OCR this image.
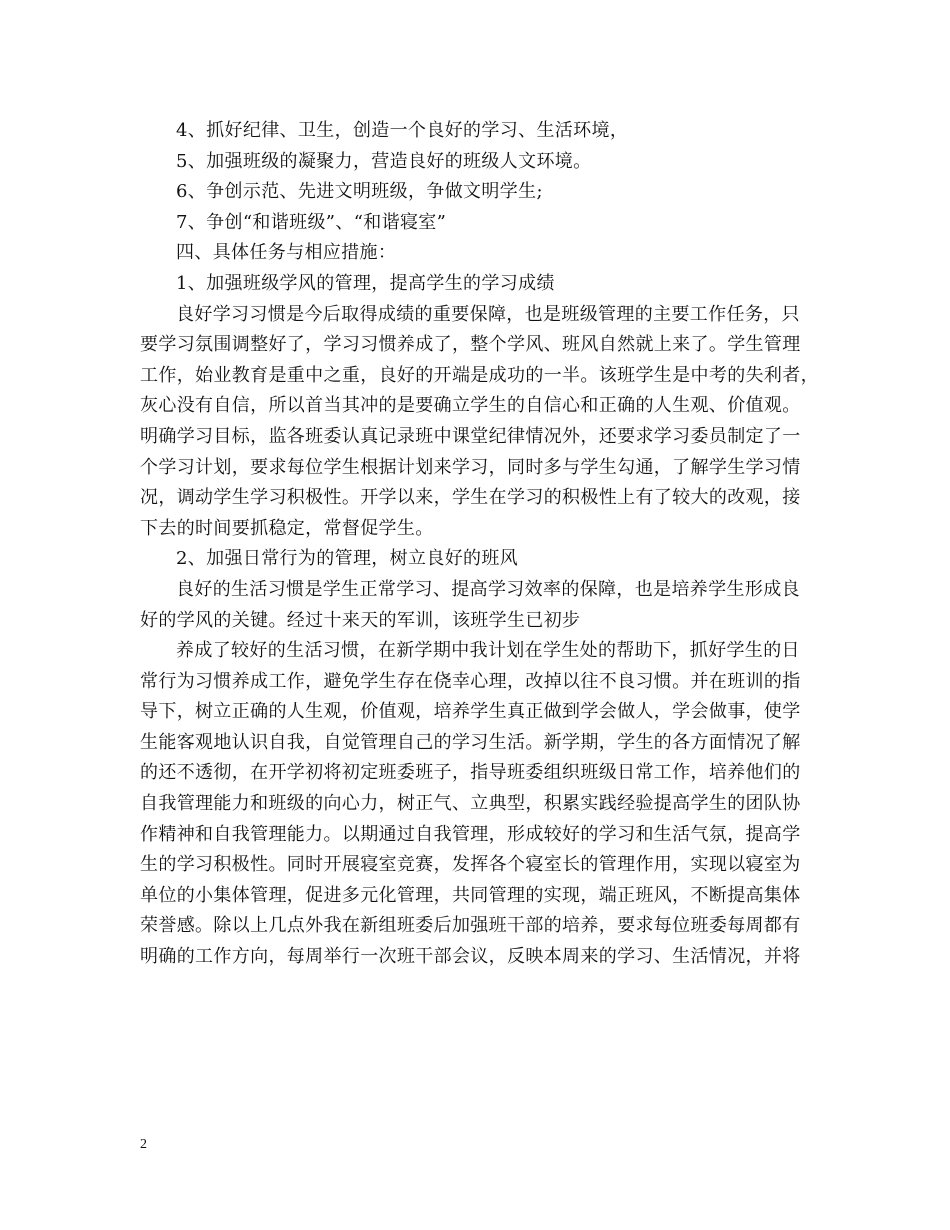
4、抓好纪律、卫生，创造一个良好的学习、生活环境，

5、加强班级的凝聚力，营造良好的班级人文环境。

6、争创示范、先进文明班级，争做文明学生;

7、争创“和谐班级”、“和谐寝室”

四、具体任务与相应措施：

1、加强班级学风的管理，提高学生的学习成绩

良好学习习惯是今后取得成绩的重要保障，也是班级管理的主要工作任务，只

要学习氛围调整好了，学习习惯养成了，整个学风、班风自然就上来了。学生管理

工作，始业教育是重中之重，良好的开端是成功的一半。该班学生是中考的失利者，

灰心没有自信，所以首当其冲的是要确立学生的自信心和正确的人生观、价值观。

明确学习目标，监各班委认真记录班中课堂纪律情况外，还要求学习委员制定了一

个学习计划，要求每位学生根据计划来学习，同时多与学生勾通，了解学生学习情

况，调动学生学习积极性。开学以来，学生在学习的积极性上有了较大的改观，接

下去的时间要抓稳定，常督促学生。

2、加强日常行为的管理，树立良好的班风

良好的生活习惯是学生正常学习、提高学习效率的保障，也是培养学生形成良

好的学风的关键。经过十来天的军训，该班学生已初步

养成了较好的生活习惯，在新学期中我计划在学生处的帮助下，抓好学生的日

常行为习惯养成工作，避免学生存在侥幸心理，改掉以往不良习惯。并在班训的指

导下，树立正确的人生观，价值观，培养学生真正做到学会做人，学会做事，使学

生能客观地认识自我，自觉管理自己的学习生活。新学期，学生的各方面情况了解

的还不透彻，在开学初将初定班委班子，指导班委组织班级日常工作，培养他们的

自我管理能力和班级的向心力，树正气、立典型，积累实践经验提高学生的团队协

作精神和自我管理能力。以期通过自我管理，形成较好的学习和生活气氛，提高学

生的学习积极性。同时开展寝室竞赛，发挥各个寝室长的管理作用，实现以寝室为

单位的小集体管理，促进多元化管理，共同管理的实现，端正班风，不断提高集体

荣誉感。除以上几点外我在新组班委后加强班干部的培养，要求每位班委每周都有

明确的工作方向，每周举行一次班干部会议，反映本周来的学习、生活情况，并将

2
